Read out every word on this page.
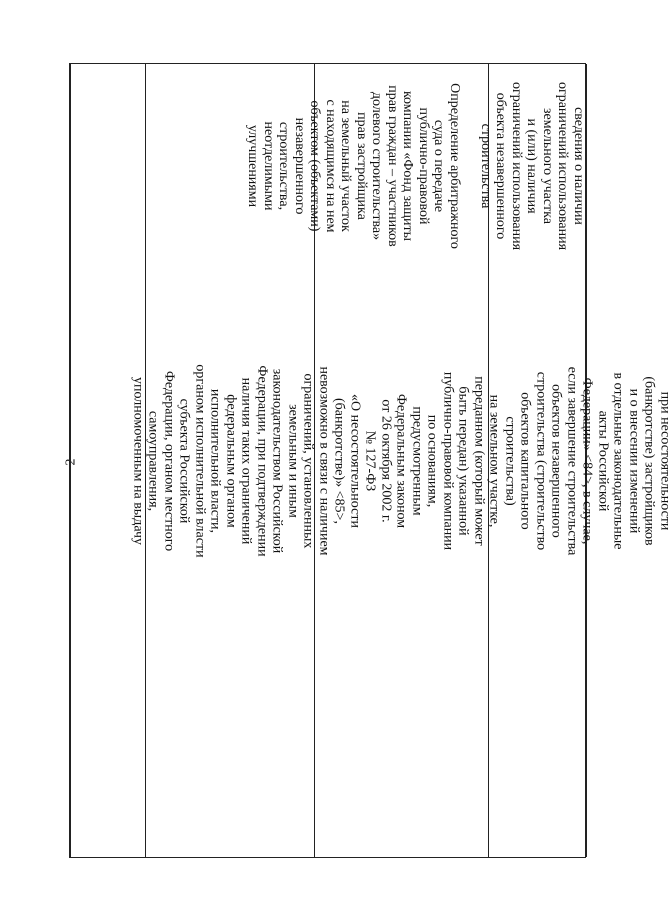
2	при несостоятельности

(банкротстве) застройщиков

и о внесении изменений

в отдельные законодательные

акты Российской

Федерации» <84>, в случае,

если завершение строительства

объектов незавершенного

строительства (строительство

объектов капитального

строительства)

на земельном участке,

переданном (который может

быть передан) указанной

публично-правовой компании

по основаниям,

предусмотренным

Федеральным законом

от 26 октября 2002 г.

№ 127-ФЗ

«О несостоятельности

(банкротстве)» <85>,

невозможно в связи с наличием

ограничений, установленных

земельным и иным

законодательством Российской

Федерации, при подтверждении

наличия таких ограничений

федеральным органом

исполнительной власти,

органом исполнительной власти

субъекта Российской

Федерации, органом местного

самоуправления,

уполномоченным на выдачу

сведения о наличии

ограничений использования

земельного участка

и (или) наличия

ограничений использования

объекта незавершенного

строительства

Определение арбитражного

суда о передаче

публично-правовой

компании «Фонд защиты

прав граждан – участников

долевого строительства»

прав застройщика

на земельный участок

с находящимся на нем

объектом (объектами)

незавершенного

строительства,

неотделимыми

улучшениями
